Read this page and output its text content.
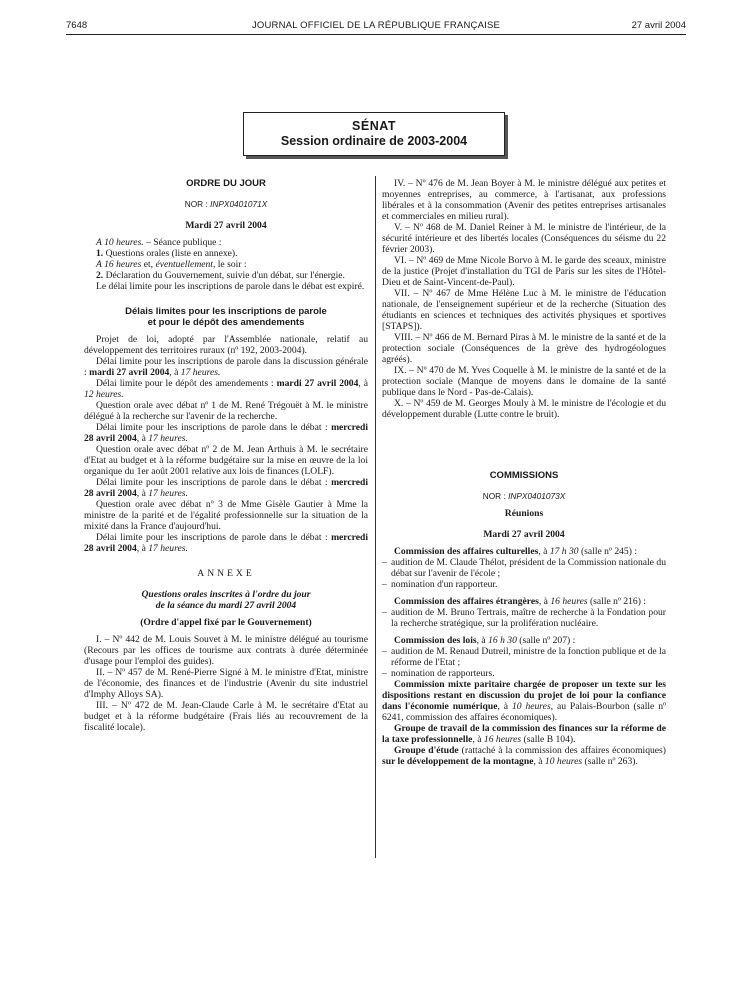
7648	JOURNAL OFFICIEL DE LA RÉPUBLIQUE FRANÇAISE	27 avril 2004
SÉNAT
Session ordinaire de 2003-2004
ORDRE DU JOUR
NOR : INPX0401071X
Mardi 27 avril 2004

A 10 heures. – Séance publique :

1. Questions orales (liste en annexe).

A 16 heures et, éventuellement, le soir :

2. Déclaration du Gouvernement, suivie d'un débat, sur l'énergie.

Le délai limite pour les inscriptions de parole dans le débat est expiré.

Délais limites pour les inscriptions de parole
et pour le dépôt des amendements

Projet de loi, adopté par l'Assemblée nationale, relatif au développement des territoires ruraux (nº 192, 2003-2004).

Délai limite pour les inscriptions de parole dans la discussion générale : mardi 27 avril 2004, à 17 heures.

Délai limite pour le dépôt des amendements : mardi 27 avril 2004, à 12 heures.

Question orale avec débat nº 1 de M. René Trégouët à M. le ministre délégué à la recherche sur l'avenir de la recherche.

Délai limite pour les inscriptions de parole dans le débat : mercredi 28 avril 2004, à 17 heures.

Question orale avec débat nº 2 de M. Jean Arthuis à M. le secrétaire d'Etat au budget et à la réforme budgétaire sur la mise en œuvre de la loi organique du 1er août 2001 relative aux lois de finances (LOLF).

Délai limite pour les inscriptions de parole dans le débat : mercredi 28 avril 2004, à 17 heures.

Question orale avec débat nº 3 de Mme Gisèle Gautier à Mme la ministre de la parité et de l'égalité professionnelle sur la situation de la mixité dans la France d'aujourd'hui.

Délai limite pour les inscriptions de parole dans le débat : mercredi 28 avril 2004, à 17 heures.

ANNEXE
Questions orales inscrites à l'ordre du jour
de la séance du mardi 27 avril 2004
(Ordre d'appel fixé par le Gouvernement)

I. – Nº 442 de M. Louis Souvet à M. le ministre délégué au tourisme (Recours par les offices de tourisme aux contrats à durée déterminée d'usage pour l'emploi des guides).

II. – Nº 457 de M. René-Pierre Signé à M. le ministre d'Etat, ministre de l'économie, des finances et de l'industrie (Avenir du site industriel d'Imphy Alloys SA).

III. – Nº 472 de M. Jean-Claude Carle à M. le secrétaire d'Etat au budget et à la réforme budgétaire (Frais liés au recouvrement de la fiscalité locale).

IV. – Nº 476 de M. Jean Boyer à M. le ministre délégué aux petites et moyennes entreprises, au commerce, à l'artisanat, aux professions libérales et à la consommation (Avenir des petites entreprises artisanales et commerciales en milieu rural).

V. – Nº 468 de M. Daniel Reiner à M. le ministre de l'intérieur, de la sécurité intérieure et des libertés locales (Conséquences du séisme du 22 février 2003).

VI. – Nº 469 de Mme Nicole Borvo à M. le garde des sceaux, ministre de la justice (Projet d'installation du TGI de Paris sur les sites de l'Hôtel-Dieu et de Saint-Vincent-de-Paul).

VII. – Nº 467 de Mme Hélène Luc à M. le ministre de l'éducation nationale, de l'enseignement supérieur et de la recherche (Situation des étudiants en sciences et techniques des activités physiques et sportives [STAPS]).

VIII. – Nº 466 de M. Bernard Piras à M. le ministre de la santé et de la protection sociale (Conséquences de la grève des hydrogéologues agréés).

IX. – Nº 470 de M. Yves Coquelle à M. le ministre de la santé et de la protection sociale (Manque de moyens dans le domaine de la santé publique dans le Nord - Pas-de-Calais).

X. – Nº 459 de M. Georges Mouly à M. le ministre de l'écologie et du développement durable (Lutte contre le bruit).

COMMISSIONS
NOR : INPX0401073X
Réunions
Mardi 27 avril 2004

Commission des affaires culturelles, à 17 h 30 (salle nº 245) :

– audition de M. Claude Thélot, président de la Commission nationale du débat sur l'avenir de l'école ;

– nomination d'un rapporteur.

Commission des affaires étrangères, à 16 heures (salle nº 216) :

– audition de M. Bruno Tertrais, maître de recherche à la Fondation pour la recherche stratégique, sur la prolifération nucléaire.

Commission des lois, à 16 h 30 (salle nº 207) :

– audition de M. Renaud Dutreil, ministre de la fonction publique et de la réforme de l'Etat ;

– nomination de rapporteurs.

Commission mixte paritaire chargée de proposer un texte sur les dispositions restant en discussion du projet de loi pour la confiance dans l'économie numérique, à 10 heures, au Palais-Bourbon (salle nº 6241, commission des affaires économiques).

Groupe de travail de la commission des finances sur la réforme de la taxe professionnelle, à 16 heures (salle B 104).

Groupe d'étude (rattaché à la commission des affaires économiques) sur le développement de la montagne, à 10 heures (salle nº 263).
